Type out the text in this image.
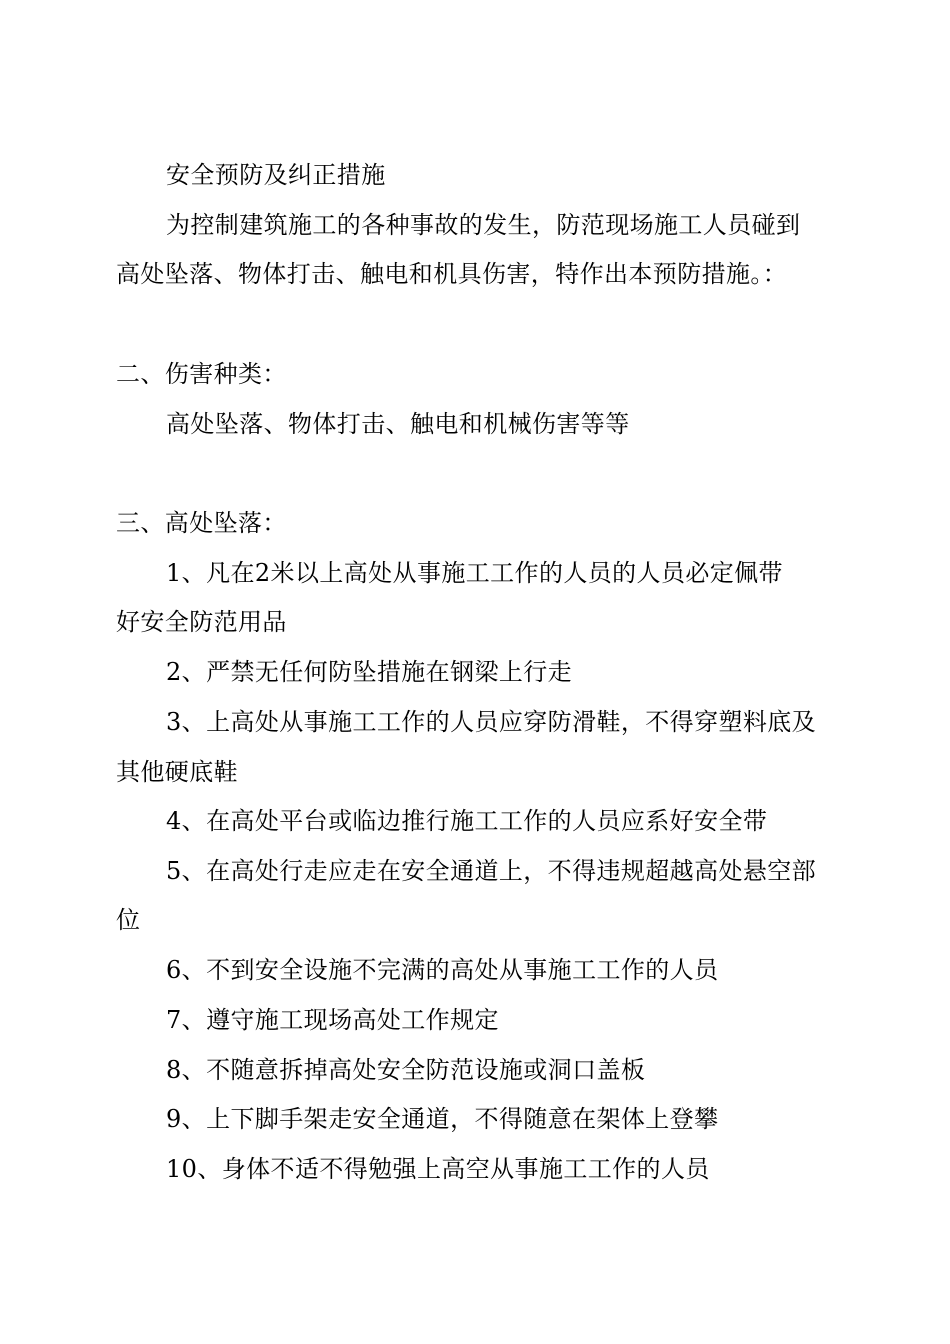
安全预防及纠正措施
为控制建筑施工的各种事故的发生，防范现场施工人员碰到
高处坠落、物体打击、触电和机具伤害，特作出本预防措施。：
二、伤害种类：
高处坠落、物体打击、触电和机械伤害等等
三、高处坠落：
1、凡在2米以上高处从事施工工作的人员的人员必定佩带
好安全防范用品
2、严禁无任何防坠措施在钢梁上行走
3、上高处从事施工工作的人员应穿防滑鞋，不得穿塑料底及
其他硬底鞋
4、在高处平台或临边推行施工工作的人员应系好安全带
5、在高处行走应走在安全通道上，不得违规超越高处悬空部
位
6、不到安全设施不完满的高处从事施工工作的人员
7、遵守施工现场高处工作规定
8、不随意拆掉高处安全防范设施或洞口盖板
9、上下脚手架走安全通道，不得随意在架体上登攀
10、身体不适不得勉强上高空从事施工工作的人员
